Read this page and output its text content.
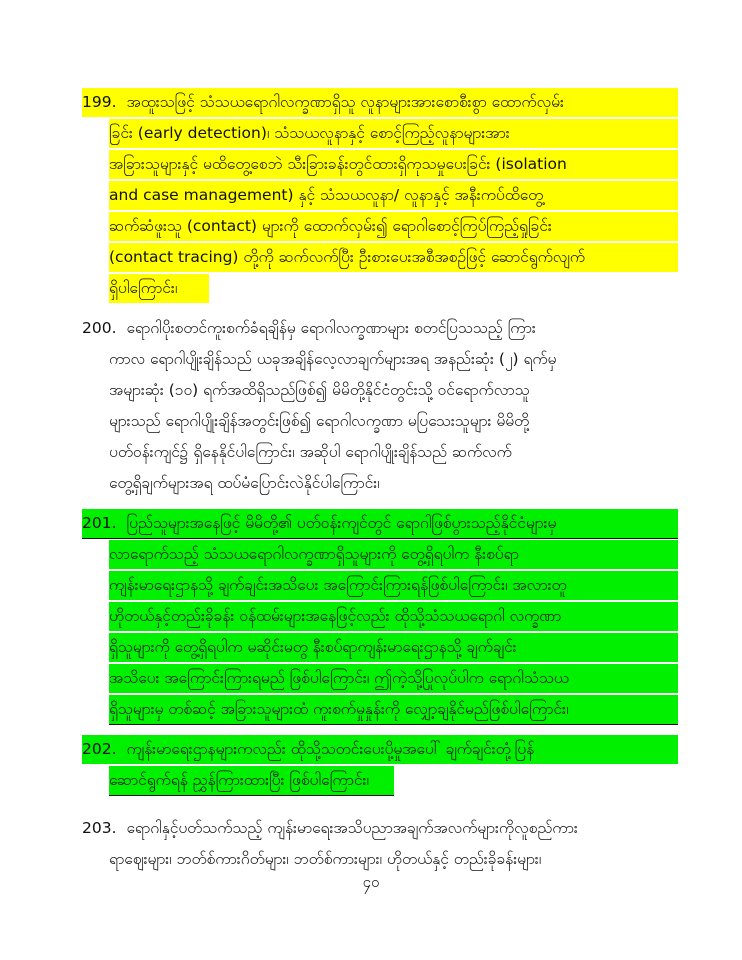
199. အထူးသဖြင့် သံသယရောဂါလက္ခဏာရှိသူ လူနာများအားစောစီးစွာ ထောက်လှမ်း
ခြင်း (early detection)၊ သံသယလူနာနှင့် စောင့်ကြည့်လူနာများအား
အခြားသူများနှင့် မထိတွေ့စေဘဲ သီးခြားခန်းတွင်ထားရှိကုသမှုပေးခြင်း (isolation
and case management) နှင့် သံသယလူနာ/ လူနာနှင့် အနီးကပ်ထိတွေ့
ဆက်ဆံဖူးသူ (contact) များကို ထောက်လှမ်း၍ ရောဂါစောင့်ကြပ်ကြည့်ရှုခြင်း
(contact tracing) တို့ကို ဆက်လက်ပြီး ဦးစားပေးအစီအစဉ်ဖြင့် ဆောင်ရွက်လျက်
ရှိပါကြောင်း၊
200. ရောဂါပိုးစတင်ကူးစက်ခံရချိန်မှ ရောဂါလက္ခဏာများ စတင်ပြသသည့် ကြား
ကာလ ရောဂါပျိုးချိန်သည် ယခုအချိန်လေ့လာချက်များအရ အနည်းဆုံး (၂) ရက်မှ
အများဆုံး (၁၀) ရက်အထိရှိသည်ဖြစ်၍ မိမိတို့နိုင်ငံတွင်းသို့ ဝင်ရောက်လာသူ
များသည် ရောဂါပျိုးချိန်အတွင်းဖြစ်၍ ရောဂါလက္ခဏာ မပြသေးသူများ မိမိတို့
ပတ်ဝန်းကျင်၌ ရှိနေနိုင်ပါကြောင်း၊ အဆိုပါ ရောဂါပျိုးချိန်သည် ဆက်လက်
တွေ့ရှိချက်များအရ ထပ်မံပြောင်းလဲနိုင်ပါကြောင်း၊
201. ပြည်သူများအနေဖြင့် မိမိတို့၏ ပတ်ဝန်းကျင်တွင် ရောဂါဖြစ်ပွားသည့်နိုင်ငံများမှ
လာရောက်သည့် သံသယရောဂါလက္ခဏာရှိသူများကို တွေ့ရှိရပါက နီးစပ်ရာ
ကျန်းမာရေးဌာနသို့ ချက်ချင်းအသိပေး အကြောင်းကြားရန်ဖြစ်ပါကြောင်း၊ အလားတူ
ဟိုတယ်နှင့်တည်းခိုခန်း ဝန်ထမ်းများအနေဖြင့်လည်း ထိုသို့သံသယရောဂါ လက္ခဏာ
ရှိသူများကို တွေ့ရှိရပါက မဆိုင်းမတွ နီးစပ်ရာကျန်းမာရေးဌာနသို့ ချက်ချင်း
အသိပေး အကြောင်းကြားရမည် ဖြစ်ပါကြောင်း၊ ဤကဲ့သို့ပြုလုပ်ပါက ရောဂါသံသယ
ရှိသူများမှ တစ်ဆင့် အခြားသူများထံ ကူးစက်မှုနှုန်းကို လျှော့ချနိုင်မည်ဖြစ်ပါကြောင်း၊
202. ကျန်းမာရေးဌာနများကလည်း ထိုသို့သတင်းပေးပို့မှုအပေါ် ချက်ချင်းတုံ့ပြန်
ဆောင်ရွက်ရန် ညွှန်ကြားထားပြီး ဖြစ်ပါကြောင်း၊
203. ရောဂါနှင့်ပတ်သက်သည့် ကျန်းမာရေးအသိပညာအချက်အလက်များကိုလူစည်ကား
ရာဈေးများ၊ ဘတ်စ်ကားဂိတ်များ၊ ဘတ်စ်ကားများ၊ ဟိုတယ်နှင့် တည်းခိုခန်းများ၊
၄၀
